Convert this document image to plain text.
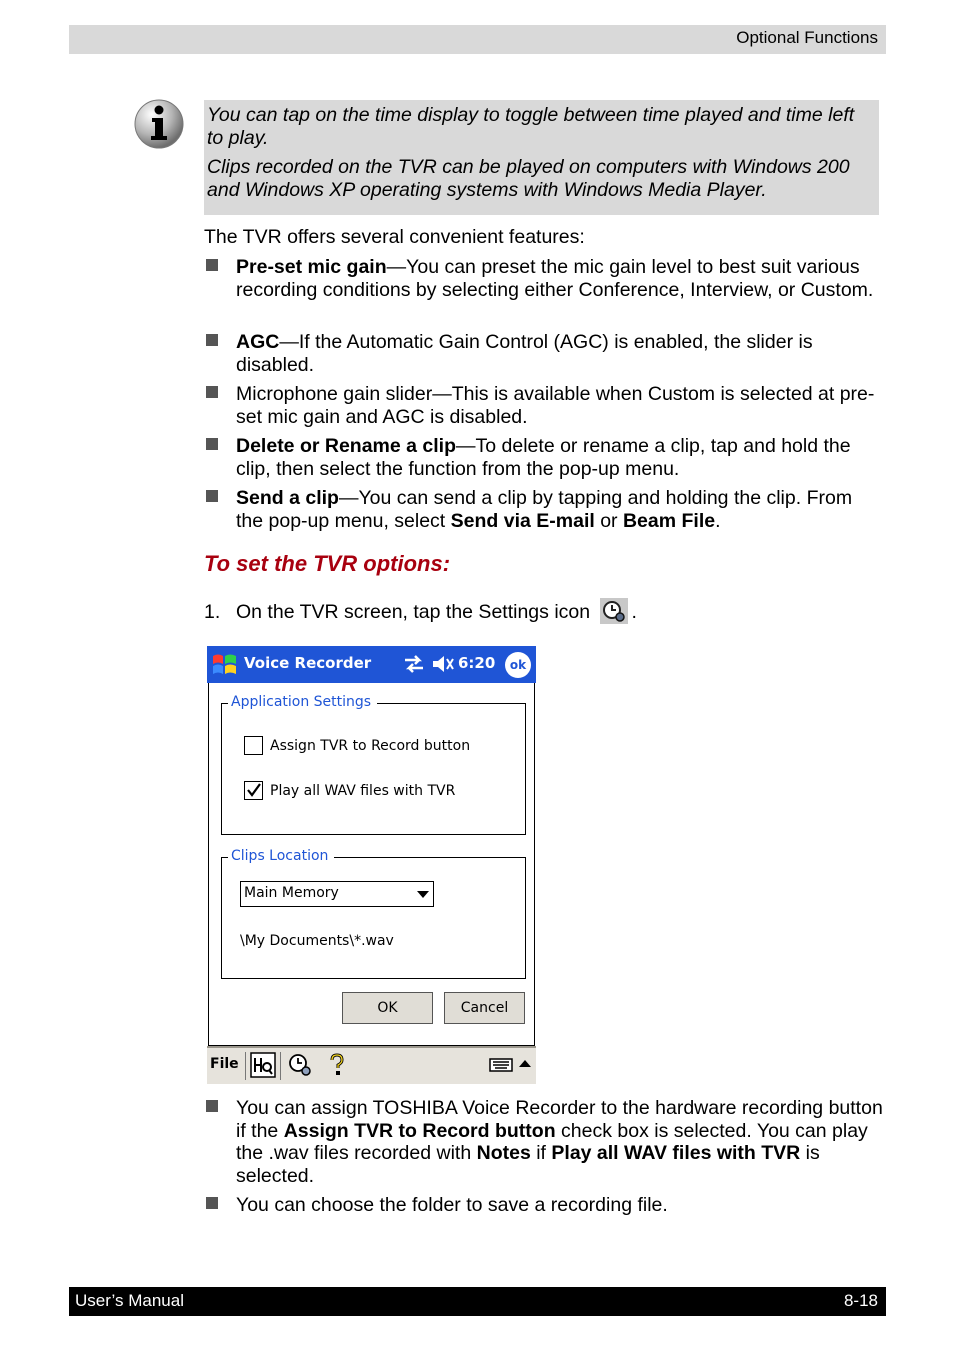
Optional Functions

You can tap on the time display to toggle between time played and time left to play.

Clips recorded on the TVR can be played on computers with Windows 200 and Windows XP operating systems with Windows Media Player.

The TVR offers several convenient features:
Pre-set mic gain—You can preset the mic gain level to best suit various recording conditions by selecting either Conference, Interview, or Custom.
AGC—If the Automatic Gain Control (AGC) is enabled, the slider is disabled.
Microphone gain slider—This is available when Custom is selected at pre-set mic gain and AGC is disabled.
Delete or Rename a clip—To delete or rename a clip, tap and hold the clip, then select the function from the pop-up menu.
Send a clip—You can send a clip by tapping and holding the clip. From the pop-up menu, select Send via E-mail or Beam File.
To set the TVR options:
1. On the TVR screen, tap the Settings icon .
Voice Recorder	6:20	ok
Application Settings
Assign TVR to Record button
Play all WAV files with TVR
Clips Location
Main Memory
\My Documents\*.wav
OK	Cancel
File
You can assign TOSHIBA Voice Recorder to the hardware recording button if the Assign TVR to Record button check box is selected. You can play the .wav files recorded with Notes if Play all WAV files with TVR is selected.
You can choose the folder to save a recording file.
User’s Manual	8-18
